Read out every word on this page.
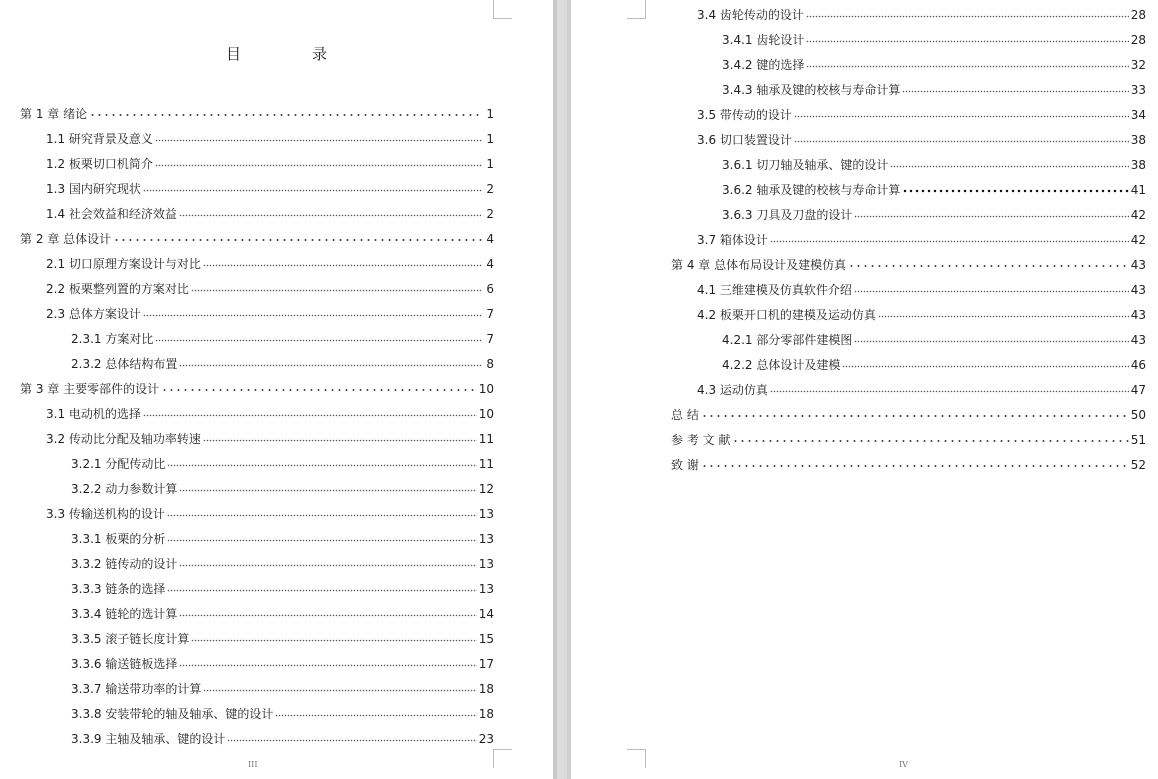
目　录
第 1 章 绪论	1
1.1 研究背景及意义	1
1.2 板栗切口机简介	1
1.3 国内研究现状	2
1.4 社会效益和经济效益	2
第 2 章 总体设计	4
2.1 切口原理方案设计与对比	4
2.2 板栗整列置的方案对比	6
2.3 总体方案设计	7
2.3.1 方案对比	7
2.3.2 总体结构布置	8
第 3 章 主要零部件的设计	10
3.1 电动机的选择	10
3.2 传动比分配及轴功率转速	11
3.2.1 分配传动比	11
3.2.2 动力参数计算	12
3.3 传输送机构的设计	13
3.3.1 板栗的分析	13
3.3.2 链传动的设计	13
3.3.3 链条的选择	13
3.3.4 链轮的选计算	14
3.3.5 滚子链长度计算	15
3.3.6 输送链板选择	17
3.3.7 输送带功率的计算	18
3.3.8 安装带轮的轴及轴承、键的设计	18
3.3.9 主轴及轴承、键的设计	23
III
3.4 齿轮传动的设计	28
3.4.1 齿轮设计	28
3.4.2 键的选择	32
3.4.3 轴承及键的校核与寿命计算	33
3.5 带传动的设计	34
3.6 切口装置设计	38
3.6.1 切刀轴及轴承、键的设计	38
3.6.2 轴承及键的校核与寿命计算	41
3.6.3 刀具及刀盘的设计	42
3.7 箱体设计	42
第 4 章 总体布局设计及建模仿真	43
4.1 三维建模及仿真软件介绍	43
4.2 板栗开口机的建模及运动仿真	43
4.2.1 部分零部件建模图	43
4.2.2 总体设计及建模	46
4.3 运动仿真	47
总 结	50
参 考 文 献	51
致 谢	52
IV
